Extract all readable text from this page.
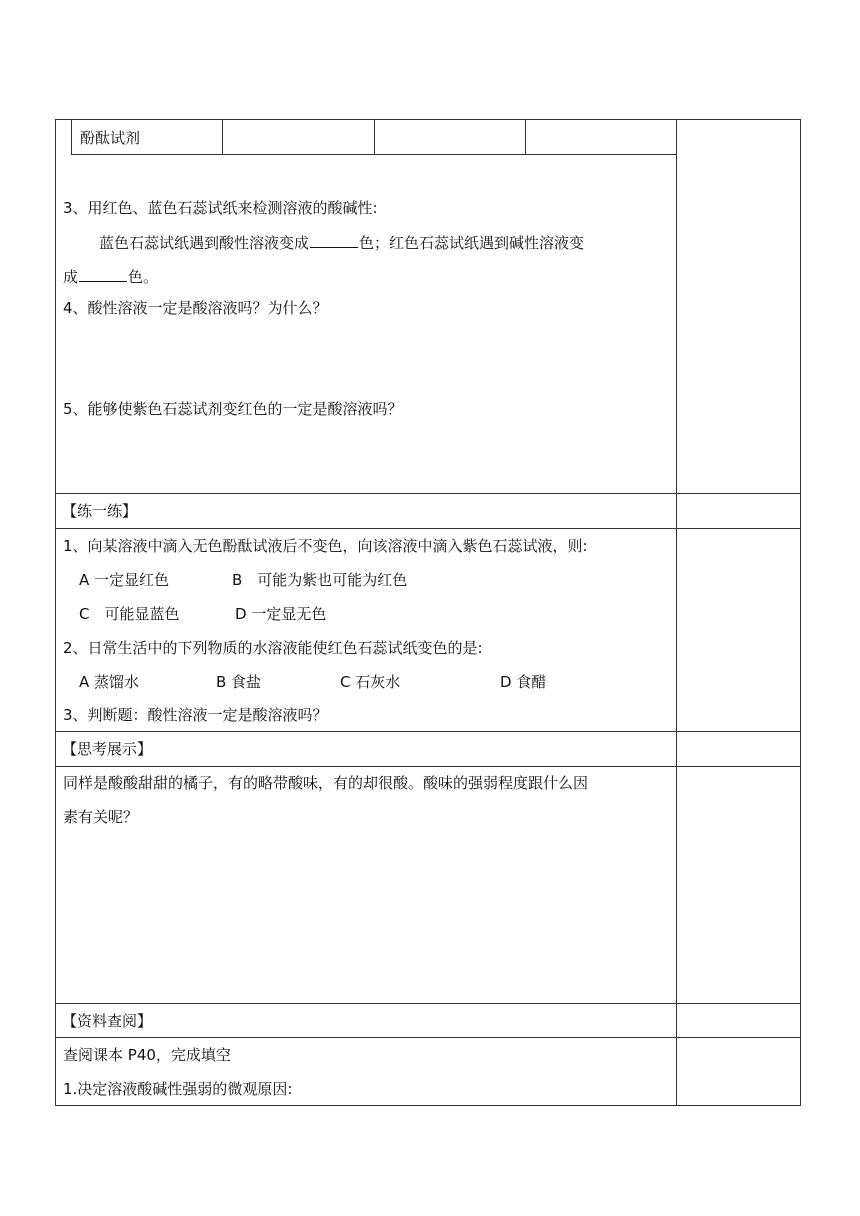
酚酞试剂
3、用红色、蓝色石蕊试纸来检测溶液的酸碱性:
蓝色石蕊试纸遇到酸性溶液变成	色；红色石蕊试纸遇到碱性溶液变
成	色。
4、酸性溶液一定是酸溶液吗？为什么？
5、能够使紫色石蕊试剂变红色的一定是酸溶液吗？
【练一练】
1、向某溶液中滴入无色酚酞试液后不变色，向该溶液中滴入紫色石蕊试液，则:
A 一定显红色	B　可能为紫也可能为红色
C　可能显蓝色	D 一定显无色
2、日常生活中的下列物质的水溶液能使红色石蕊试纸变色的是:
A 蒸馏水	B 食盐	C 石灰水	D 食醋
3、判断题：酸性溶液一定是酸溶液吗？
【思考展示】
同样是酸酸甜甜的橘子，有的略带酸味，有的却很酸。酸味的强弱程度跟什么因
素有关呢？
【资料查阅】
查阅课本 P40，完成填空
1.决定溶液酸碱性强弱的微观原因:
